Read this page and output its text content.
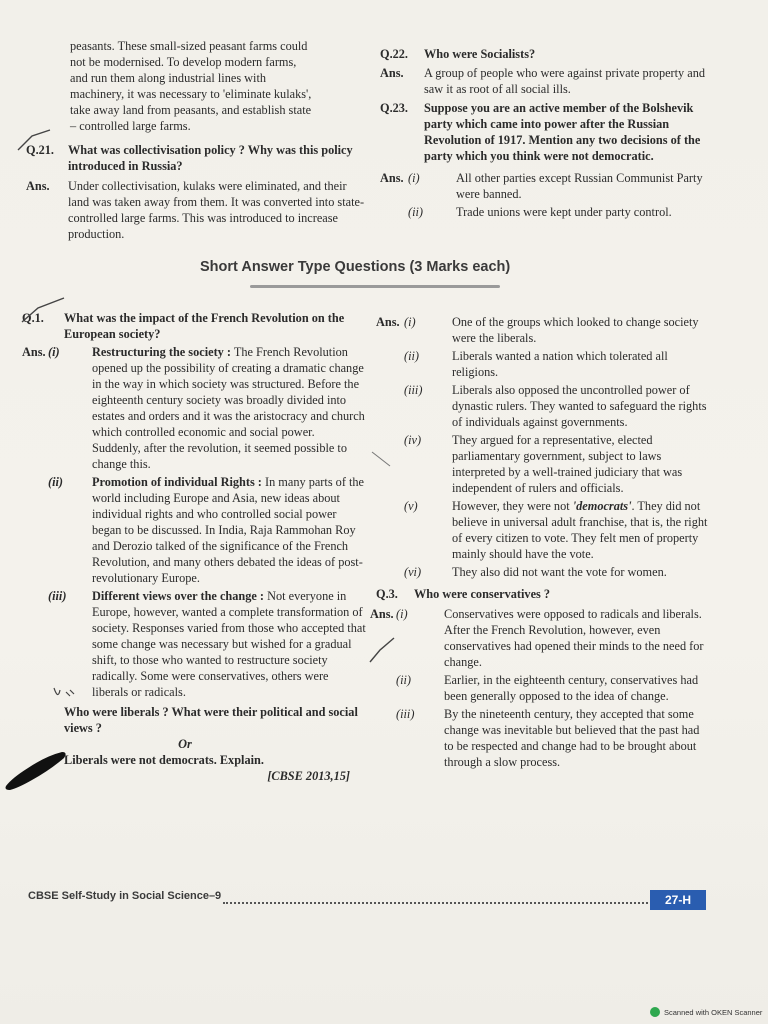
peasants. These small-sized peasant farms could

not be modernised. To develop modern farms,

and run them along industrial lines with

machinery, it was necessary to 'eliminate kulaks',

take away land from peasants, and establish state

– controlled large farms.

Q.21.	What was collectivisation policy ? Why was this policy introduced in Russia?

Ans.	Under collectivisation, kulaks were eliminated, and their land was taken away from them. It was converted into state-controlled large farms. This was introduced to increase production.

Q.22.	Who were Socialists?

Ans.	A group of people who were against private property and saw it as root of all social ills.

Q.23.	Suppose you are an active member of the Bolshevik party which came into power after the Russian Revolution of 1917. Mention any two decisions of the party which you think were not democratic.

Ans. (i)	All other parties except Russian Communist Party were banned.

(ii)	Trade unions were kept under party control.

Short Answer Type Questions (3 Marks each)
Q.1.	What was the impact of the French Revolution on the European society?

Ans. (i)	Restructuring the society : The French Revolution opened up the possibility of creating a dramatic change in the way in which society was structured. Before the eighteenth century society was broadly divided into estates and orders and it was the aristocracy and church which controlled economic and social power. Suddenly, after the revolution, it seemed possible to change this.

(ii) Promotion of individual Rights : In many parts of the world including Europe and Asia, new ideas about individual rights and who controlled social power began to be discussed. In India, Raja Rammohan Roy and Derozio talked of the significance of the French Revolution, and many others debated the ideas of post-revolutionary Europe.

(iii) Different views over the change : Not everyone in Europe, however, wanted a complete transformation of society. Responses varied from those who accepted that some change was necessary but wished for a gradual shift, to those who wanted to restructure society radically. Some were conservatives, others were liberals or radicals.

Who were liberals ? What were their political and social views ?

Or

Liberals were not democrats. Explain.

[CBSE 2013,15]

Ans. (i)	One of the groups which looked to change society were the liberals.

(ii)	Liberals wanted a nation which tolerated all religions.

(iii) Liberals also opposed the uncontrolled power of dynastic rulers. They wanted to safeguard the rights of individuals against governments.

(iv)	They argued for a representative, elected parliamentary government, subject to laws interpreted by a well-trained judiciary that was independent of rulers and officials.

(v)	However, they were not 'democrats'. They did not believe in universal adult franchise, that is, the right of every citizen to vote. They felt men of property mainly should have the vote.

(vi)	They also did not want the vote for women.

Q.3.	Who were conservatives ?

Ans. (i)	Conservatives were opposed to radicals and liberals. After the French Revolution, however, even conservatives had opened their minds to the need for change.

(ii)	Earlier, in the eighteenth century, conservatives had been generally opposed to the idea of change.

(iii) By the nineteenth century, they accepted that some change was inevitable but believed that the past had to be respected and change had to be brought about through a slow process.

CBSE Self-Study in Social Science–9	27-H
Scanned with OKEN Scanner
